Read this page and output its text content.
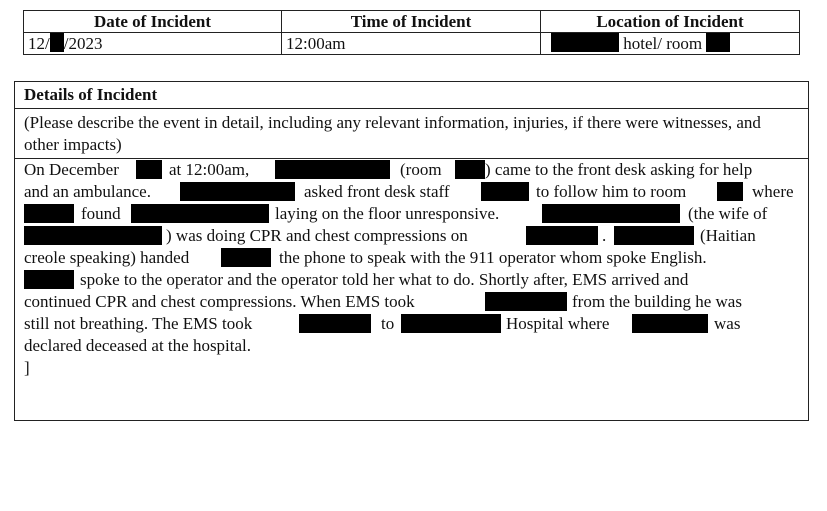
Date of Incident	Time of Incident	Location of Incident
12/ /2023	12:00am	hotel/ room
Details of Incident
(Please describe the event in detail, including any relevant information, injuries, if there were witnesses, and other impacts)

On December

	at 12:00am,

	(room

	) came to the front desk asking for help

and an ambulance.

	asked front desk staff

	to follow him to room

	where

found

	laying on the floor unresponsive.

	(the wife of

) was doing CPR and chest compressions on

	.

	(Haitian

creole speaking) handed

	the phone to speak with the 911 operator whom spoke English.

spoke to the operator and the operator told her what to do. Shortly after, EMS arrived and

continued CPR and chest compressions. When EMS took

	from the building he was

still not breathing. The EMS took

	to

	Hospital where

	was

declared deceased at the hospital.

]
